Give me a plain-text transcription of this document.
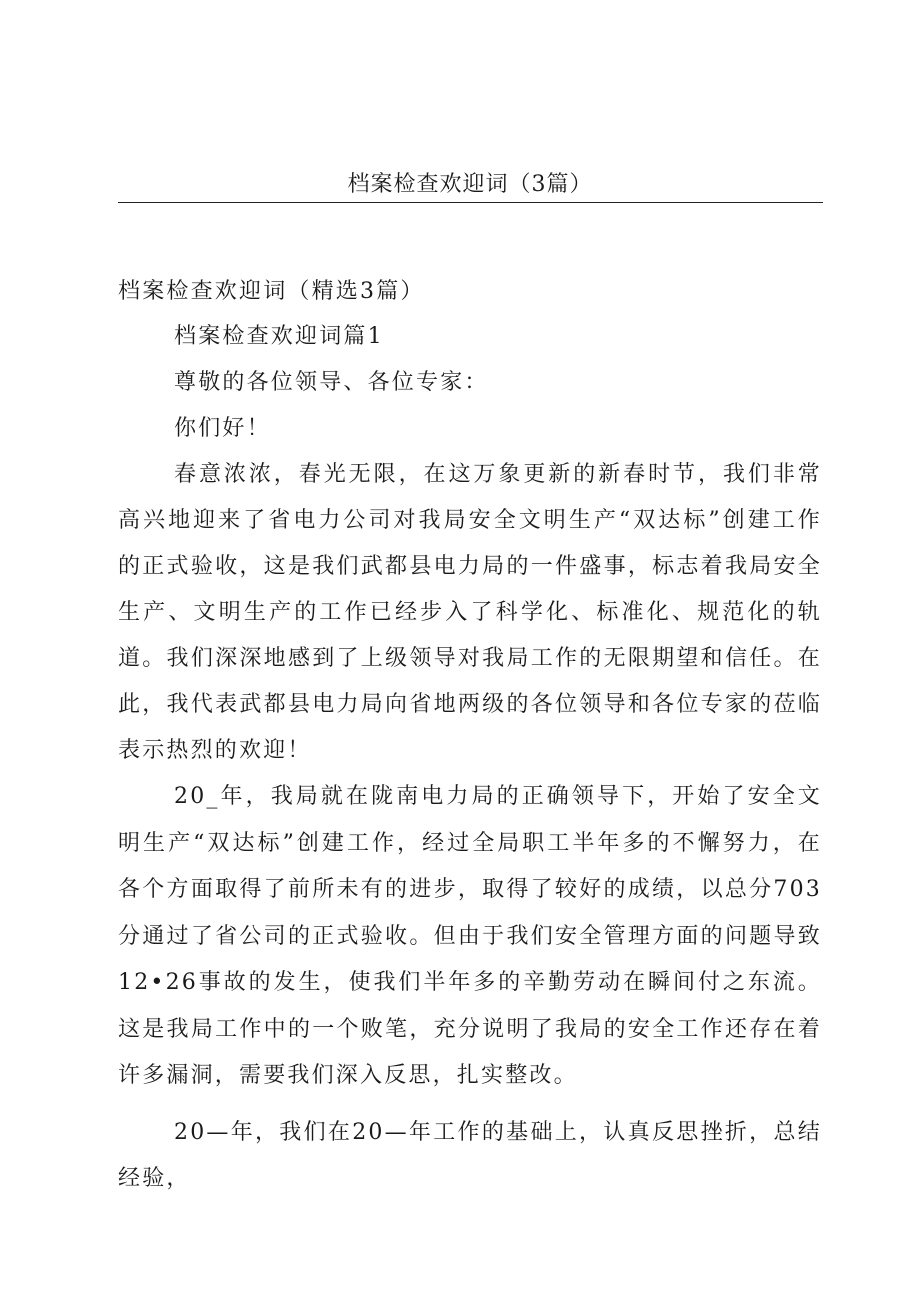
档案检查欢迎词（3篇）
档案检查欢迎词（精选3篇）

档案检查欢迎词篇1

尊敬的各位领导、各位专家：

你们好！

春意浓浓，春光无限，在这万象更新的新春时节，我们非常高兴地迎来了省电力公司对我局安全文明生产“双达标”创建工作的正式验收，这是我们武都县电力局的一件盛事，标志着我局安全生产、文明生产的工作已经步入了科学化、标准化、规范化的轨道。我们深深地感到了上级领导对我局工作的无限期望和信任。在此，我代表武都县电力局向省地两级的各位领导和各位专家的莅临表示热烈的欢迎！

20_年，我局就在陇南电力局的正确领导下，开始了安全文明生产“双达标”创建工作，经过全局职工半年多的不懈努力，在各个方面取得了前所未有的进步，取得了较好的成绩，以总分703分通过了省公司的正式验收。但由于我们安全管理方面的问题导致12•26事故的发生，使我们半年多的辛勤劳动在瞬间付之东流。这是我局工作中的一个败笔，充分说明了我局的安全工作还存在着许多漏洞，需要我们深入反思，扎实整改。

20—年，我们在20—年工作的基础上，认真反思挫折，总结经验，
